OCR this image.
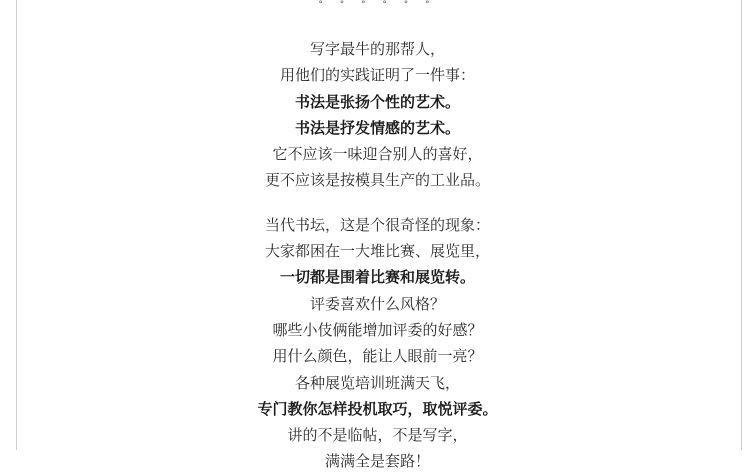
° ° ° ° ° °
写字最牛的那帮人，
用他们的实践证明了一件事：
书法是张扬个性的艺术。
书法是抒发情感的艺术。
它不应该一味迎合别人的喜好，
更不应该是按模具生产的工业品。
当代书坛，这是个很奇怪的现象：
大家都困在一大堆比赛、展览里，
一切都是围着比赛和展览转。
评委喜欢什么风格？
哪些小伎俩能增加评委的好感？
用什么颜色，能让人眼前一亮？
各种展览培训班满天飞，
专门教你怎样投机取巧，取悦评委。
讲的不是临帖，不是写字，
满满全是套路！
